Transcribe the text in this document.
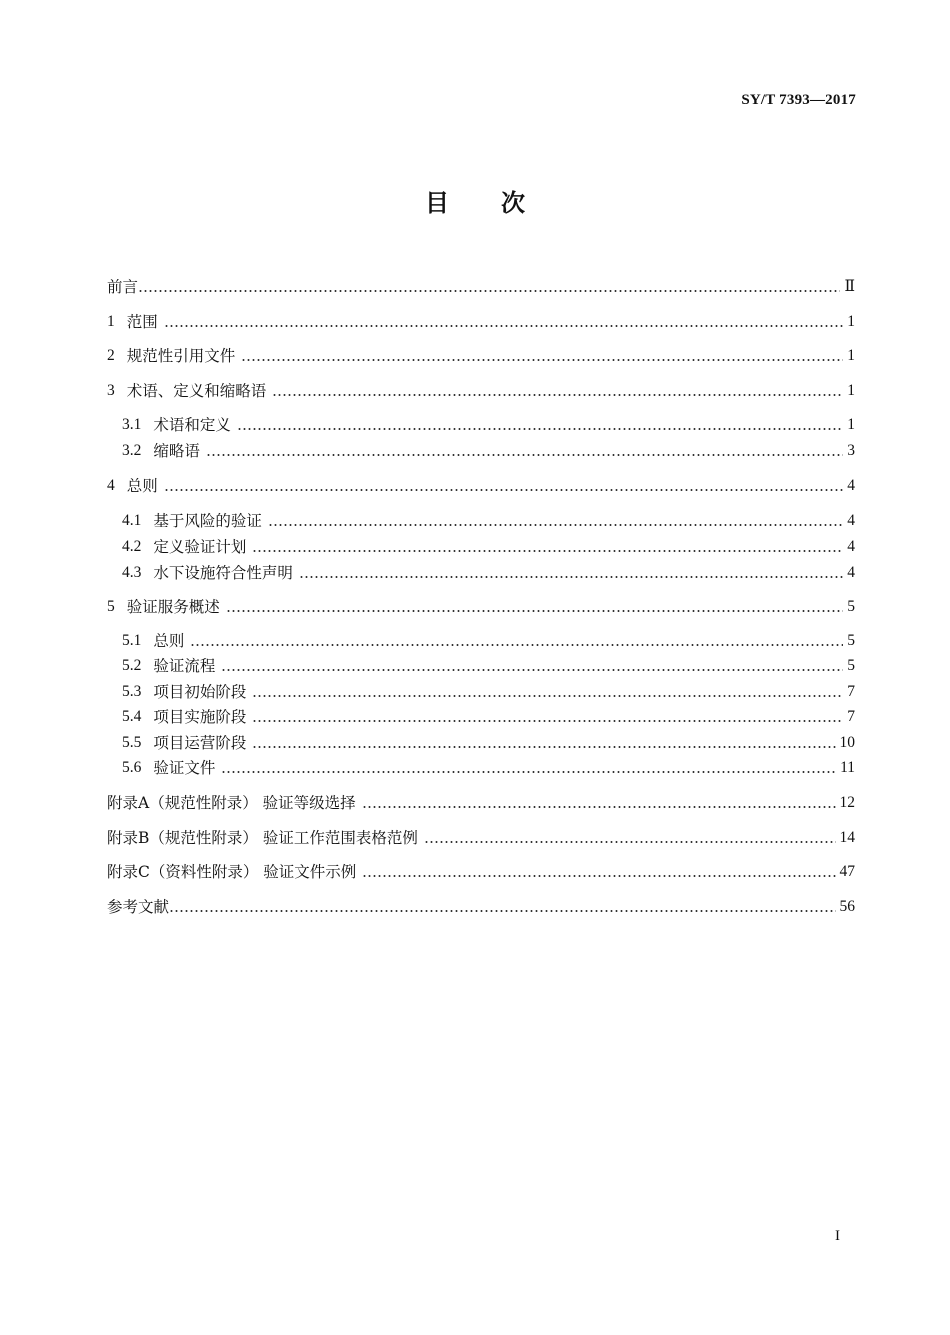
SY/T 7393—2017
目次
前言	Ⅱ
1 范围	1
2 规范性引用文件	1
3 术语、定义和缩略语	1
3.1 术语和定义	1
3.2 缩略语	3
4 总则	4
4.1 基于风险的验证	4
4.2 定义验证计划	4
4.3 水下设施符合性声明	4
5 验证服务概述	5
5.1 总则	5
5.2 验证流程	5
5.3 项目初始阶段	7
5.4 项目实施阶段	7
5.5 项目运营阶段	10
5.6 验证文件	11
附录A（规范性附录） 验证等级选择	12
附录B（规范性附录） 验证工作范围表格范例	14
附录C（资料性附录） 验证文件示例	47
参考文献	56
I
